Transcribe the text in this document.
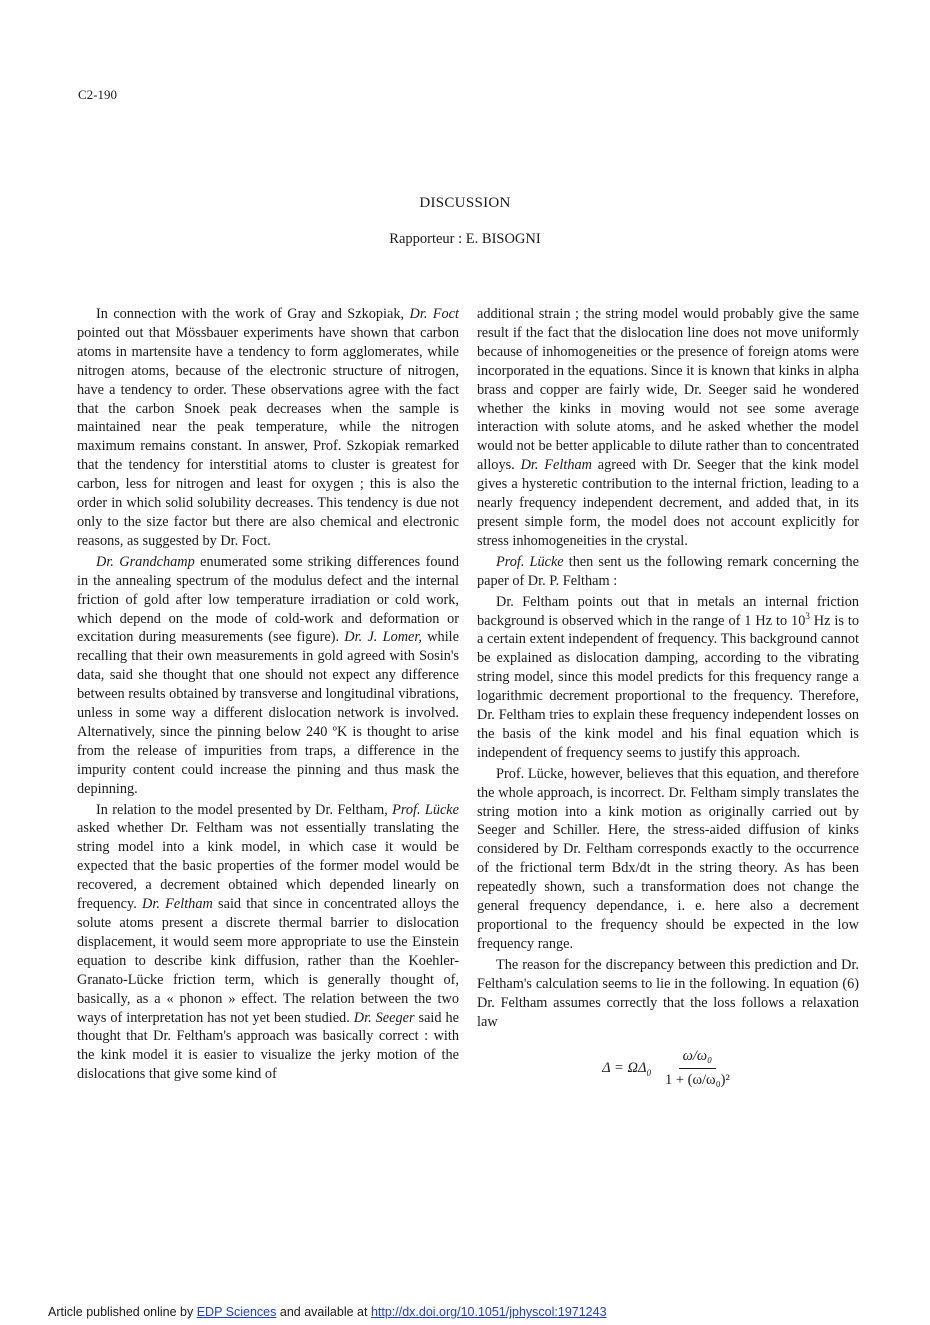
C2-190
DISCUSSION
Rapporteur : E. BISOGNI

In connection with the work of Gray and Szkopiak, Dr. Foct pointed out that Mössbauer experiments have shown that carbon atoms in martensite have a tendency to form agglomerates, while nitrogen atoms, because of the electronic structure of nitrogen, have a tendency to order. These observations agree with the fact that the carbon Snoek peak decreases when the sample is maintained near the peak temperature, while the nitrogen maximum remains constant. In answer, Prof. Szkopiak remarked that the tendency for interstitial atoms to cluster is greatest for carbon, less for nitrogen and least for oxygen ; this is also the order in which solid solubility decreases. This tendency is due not only to the size factor but there are also chemical and electronic reasons, as suggested by Dr. Foct.

Dr. Grandchamp enumerated some striking differences found in the annealing spectrum of the modulus defect and the internal friction of gold after low temperature irradiation or cold work, which depend on the mode of cold-work and deformation or excitation during measurements (see figure). Dr. J. Lomer, while recalling that their own measurements in gold agreed with Sosin's data, said she thought that one should not expect any difference between results obtained by transverse and longitudinal vibrations, unless in some way a different dislocation network is involved. Alternatively, since the pinning below 240 ºK is thought to arise from the release of impurities from traps, a difference in the impurity content could increase the pinning and thus mask the depinning.

In relation to the model presented by Dr. Feltham, Prof. Lücke asked whether Dr. Feltham was not essentially translating the string model into a kink model, in which case it would be expected that the basic properties of the former model would be recovered, a decrement obtained which depended linearly on frequency. Dr. Feltham said that since in concentrated alloys the solute atoms present a discrete thermal barrier to dislocation displacement, it would seem more appropriate to use the Einstein equation to describe kink diffusion, rather than the Koehler-Granato-Lücke friction term, which is generally thought of, basically, as a « phonon » effect. The relation between the two ways of interpretation has not yet been studied. Dr. Seeger said he thought that Dr. Feltham's approach was basically correct : with the kink model it is easier to visualize the jerky motion of the dislocations that give some kind of

additional strain ; the string model would probably give the same result if the fact that the dislocation line does not move uniformly because of inhomogeneities or the presence of foreign atoms were incorporated in the equations. Since it is known that kinks in alpha brass and copper are fairly wide, Dr. Seeger said he wondered whether the kinks in moving would not see some average interaction with solute atoms, and he asked whether the model would not be better applicable to dilute rather than to concentrated alloys. Dr. Feltham agreed with Dr. Seeger that the kink model gives a hysteretic contribution to the internal friction, leading to a nearly frequency independent decrement, and added that, in its present simple form, the model does not account explicitly for stress inhomogeneities in the crystal.

Prof. Lücke then sent us the following remark concerning the paper of Dr. P. Feltham :

Dr. Feltham points out that in metals an internal friction background is observed which in the range of 1 Hz to $10^3$ Hz is to a certain extent independent of frequency. This background cannot be explained as dislocation damping, according to the vibrating string model, since this model predicts for this frequency range a logarithmic decrement proportional to the frequency. Therefore, Dr. Feltham tries to explain these frequency independent losses on the basis of the kink model and his final equation which is independent of frequency seems to justify this approach.

Prof. Lücke, however, believes that this equation, and therefore the whole approach, is incorrect. Dr. Feltham simply translates the string motion into a kink motion as originally carried out by Seeger and Schiller. Here, the stress-aided diffusion of kinks considered by Dr. Feltham corresponds exactly to the occurrence of the frictional term Bdx/dt in the string theory. As has been repeatedly shown, such a transformation does not change the general frequency dependance, i. e. here also a decrement proportional to the frequency should be expected in the low frequency range.

The reason for the discrepancy between this prediction and Dr. Feltham's calculation seems to lie in the following. In equation (6) Dr. Feltham assumes correctly that the loss follows a relaxation law

$\Delta = \Omega\Delta_0 \frac{\text{ω/ω₀}}{\text{1 + (ω/ω₀)²}}$
Article published online by EDP Sciences and available at http://dx.doi.org/10.1051/jphyscol:1971243
